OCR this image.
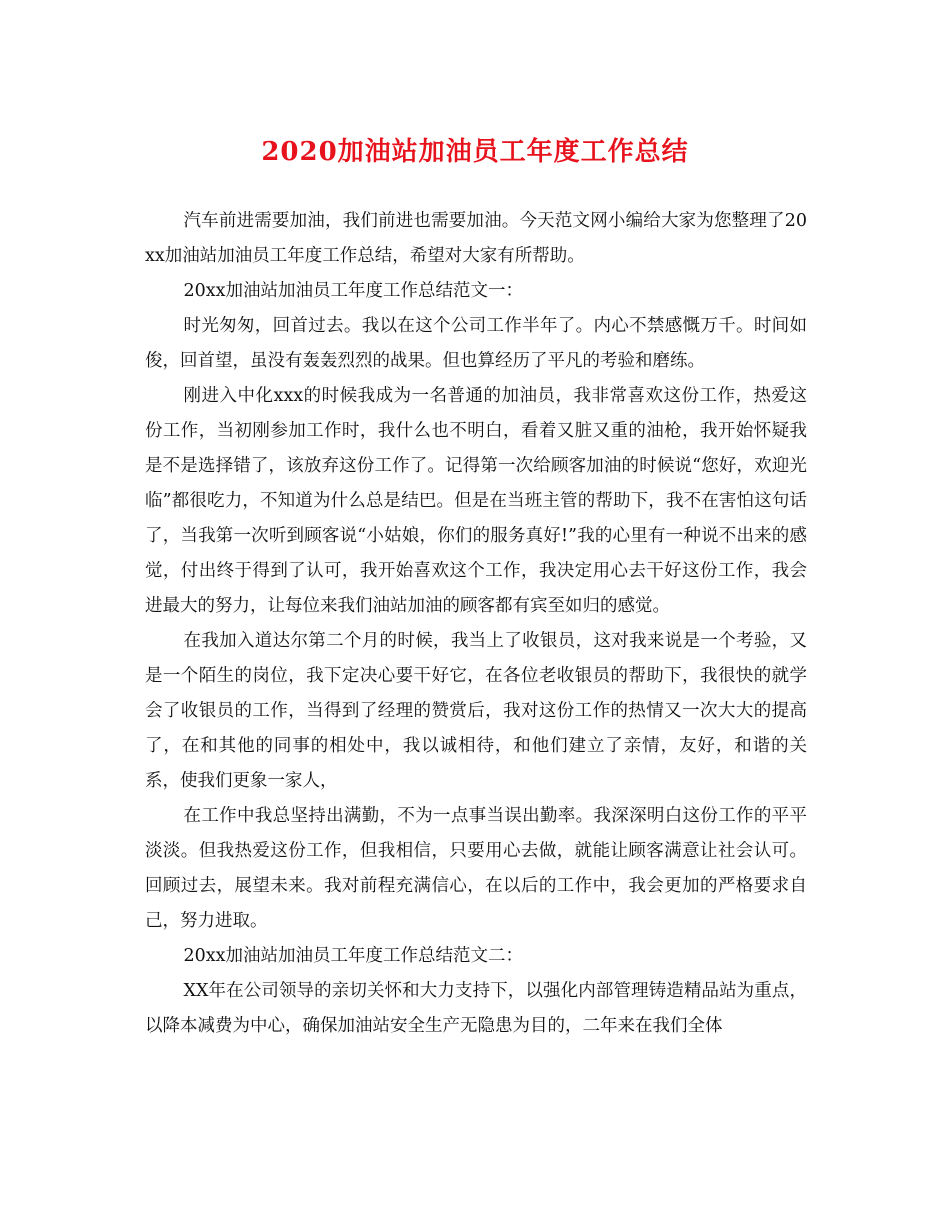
2020加油站加油员工年度工作总结

汽车前进需要加油，我们前进也需要加油。今天范文网小编给大家为您整理了20xx加油站加油员工年度工作总结，希望对大家有所帮助。

20xx加油站加油员工年度工作总结范文一：

时光匆匆，回首过去。我以在这个公司工作半年了。内心不禁感慨万千。时间如俊，回首望，虽没有轰轰烈烈的战果。但也算经历了平凡的考验和磨练。

刚进入中化xxx的时候我成为一名普通的加油员，我非常喜欢这份工作，热爱这份工作，当初刚参加工作时，我什么也不明白，看着又脏又重的油枪，我开始怀疑我是不是选择错了，该放弃这份工作了。记得第一次给顾客加油的时候说“您好，欢迎光临”都很吃力，不知道为什么总是结巴。但是在当班主管的帮助下，我不在害怕这句话了，当我第一次听到顾客说“小姑娘，你们的服务真好!”我的心里有一种说不出来的感觉，付出终于得到了认可，我开始喜欢这个工作，我决定用心去干好这份工作，我会进最大的努力，让每位来我们油站加油的顾客都有宾至如归的感觉。

在我加入道达尔第二个月的时候，我当上了收银员，这对我来说是一个考验，又是一个陌生的岗位，我下定决心要干好它，在各位老收银员的帮助下，我很快的就学会了收银员的工作，当得到了经理的赞赏后，我对这份工作的热情又一次大大的提高了，在和其他的同事的相处中，我以诚相待，和他们建立了亲情，友好，和谐的关系，使我们更象一家人，

在工作中我总坚持出满勤，不为一点事当误出勤率。我深深明白这份工作的平平淡淡。但我热爱这份工作，但我相信，只要用心去做，就能让顾客满意让社会认可。回顾过去，展望未来。我对前程充满信心，在以后的工作中，我会更加的严格要求自己，努力进取。

20xx加油站加油员工年度工作总结范文二：

XX年在公司领导的亲切关怀和大力支持下，以强化内部管理铸造精品站为重点，以降本减费为中心，确保加油站安全生产无隐患为目的，二年来在我们全体
